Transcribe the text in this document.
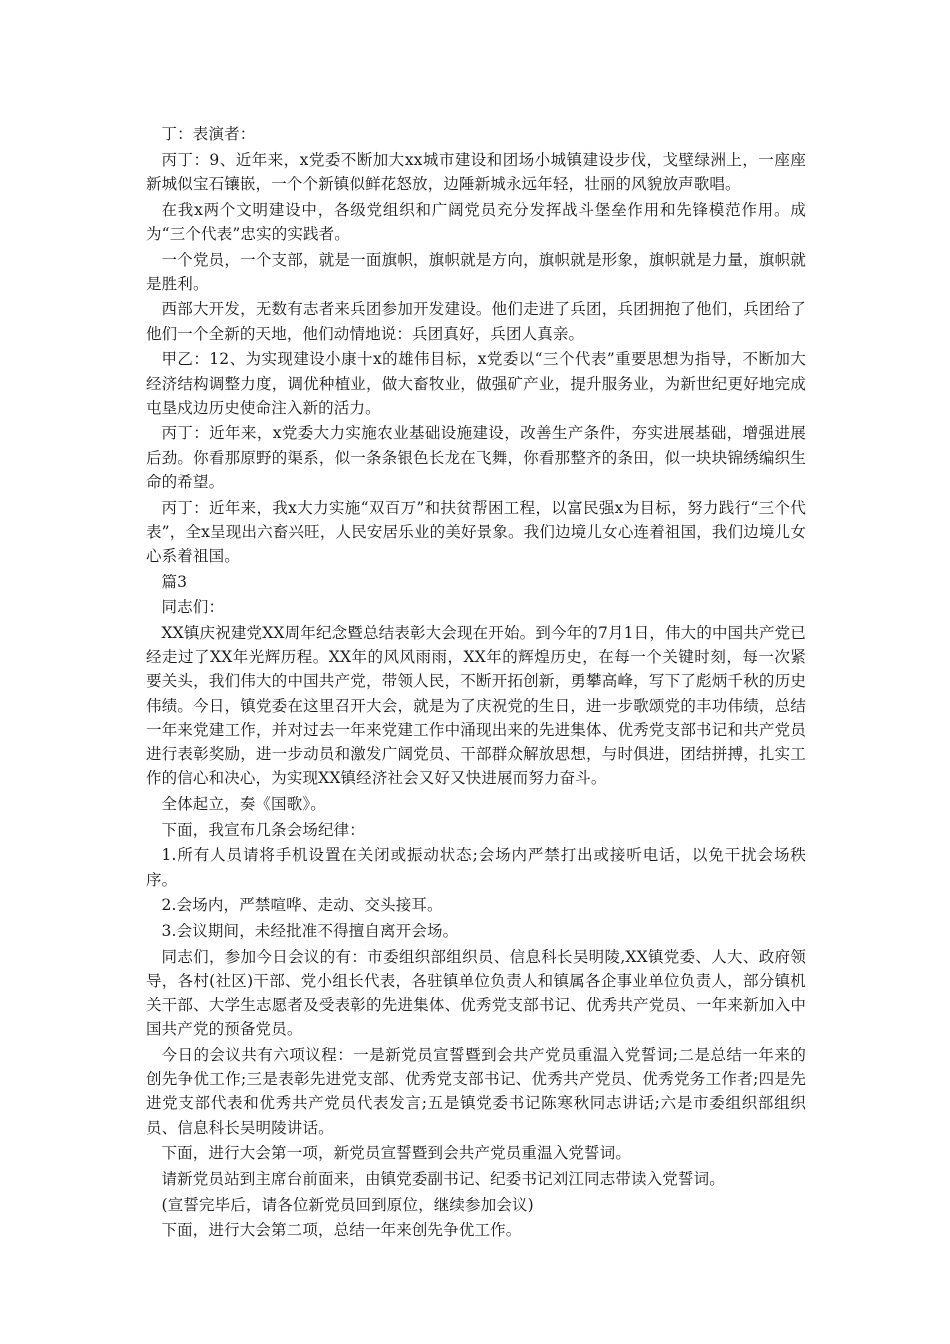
丁：表演者：

丙丁：9、近年来，x党委不断加大xx城市建设和团场小城镇建设步伐，戈壁绿洲上，一座座新城似宝石镶嵌，一个个新镇似鲜花怒放，边陲新城永远年轻，壮丽的风貌放声歌唱。

在我x两个文明建设中，各级党组织和广阔党员充分发挥战斗堡垒作用和先锋模范作用。成为“三个代表”忠实的实践者。

一个党员，一个支部，就是一面旗帜，旗帜就是方向，旗帜就是形象，旗帜就是力量，旗帜就是胜利。

西部大开发，无数有志者来兵团参加开发建设。他们走进了兵团，兵团拥抱了他们，兵团给了他们一个全新的天地，他们动情地说：兵团真好，兵团人真亲。

甲乙：12、为实现建设小康十x的雄伟目标，x党委以“三个代表”重要思想为指导，不断加大经济结构调整力度，调优种植业，做大畜牧业，做强矿产业，提升服务业，为新世纪更好地完成屯垦戍边历史使命注入新的活力。

丙丁：近年来，x党委大力实施农业基础设施建设，改善生产条件，夯实进展基础，增强进展后劲。你看那原野的渠系，似一条条银色长龙在飞舞，你看那整齐的条田，似一块块锦绣编织生命的希望。

丙丁：近年来，我x大力实施“双百万”和扶贫帮困工程，以富民强x为目标，努力践行“三个代表”，全x呈现出六畜兴旺，人民安居乐业的美好景象。我们边境儿女心连着祖国，我们边境儿女心系着祖国。

篇3

同志们：

XX镇庆祝建党XX周年纪念暨总结表彰大会现在开始。到今年的7月1日，伟大的中国共产党已经走过了XX年光辉历程。XX年的风风雨雨，XX年的辉煌历史，在每一个关键时刻，每一次紧要关头，我们伟大的中国共产党，带领人民，不断开拓创新，勇攀高峰，写下了彪炳千秋的历史伟绩。今日，镇党委在这里召开大会，就是为了庆祝党的生日，进一步歌颂党的丰功伟绩，总结一年来党建工作，并对过去一年来党建工作中涌现出来的先进集体、优秀党支部书记和共产党员进行表彰奖励，进一步动员和激发广阔党员、干部群众解放思想，与时俱进，团结拼搏，扎实工作的信心和决心，为实现XX镇经济社会又好又快进展而努力奋斗。

全体起立，奏《国歌》。

下面，我宣布几条会场纪律：

1.所有人员请将手机设置在关闭或振动状态;会场内严禁打出或接听电话，以免干扰会场秩序。

2.会场内，严禁喧哗、走动、交头接耳。

3.会议期间，未经批准不得擅自离开会场。

同志们，参加今日会议的有：市委组织部组织员、信息科长吴明陵,XX镇党委、人大、政府领导，各村(社区)干部、党小组长代表，各驻镇单位负责人和镇属各企事业单位负责人，部分镇机关干部、大学生志愿者及受表彰的先进集体、优秀党支部书记、优秀共产党员、一年来新加入中国共产党的预备党员。

今日的会议共有六项议程：一是新党员宣誓暨到会共产党员重温入党誓词;二是总结一年来的创先争优工作;三是表彰先进党支部、优秀党支部书记、优秀共产党员、优秀党务工作者;四是先进党支部代表和优秀共产党员代表发言;五是镇党委书记陈寒秋同志讲话;六是市委组织部组织员、信息科长吴明陵讲话。

下面，进行大会第一项，新党员宣誓暨到会共产党员重温入党誓词。

请新党员站到主席台前面来，由镇党委副书记、纪委书记刘江同志带读入党誓词。

(宣誓完毕后，请各位新党员回到原位，继续参加会议)

下面，进行大会第二项，总结一年来创先争优工作。
